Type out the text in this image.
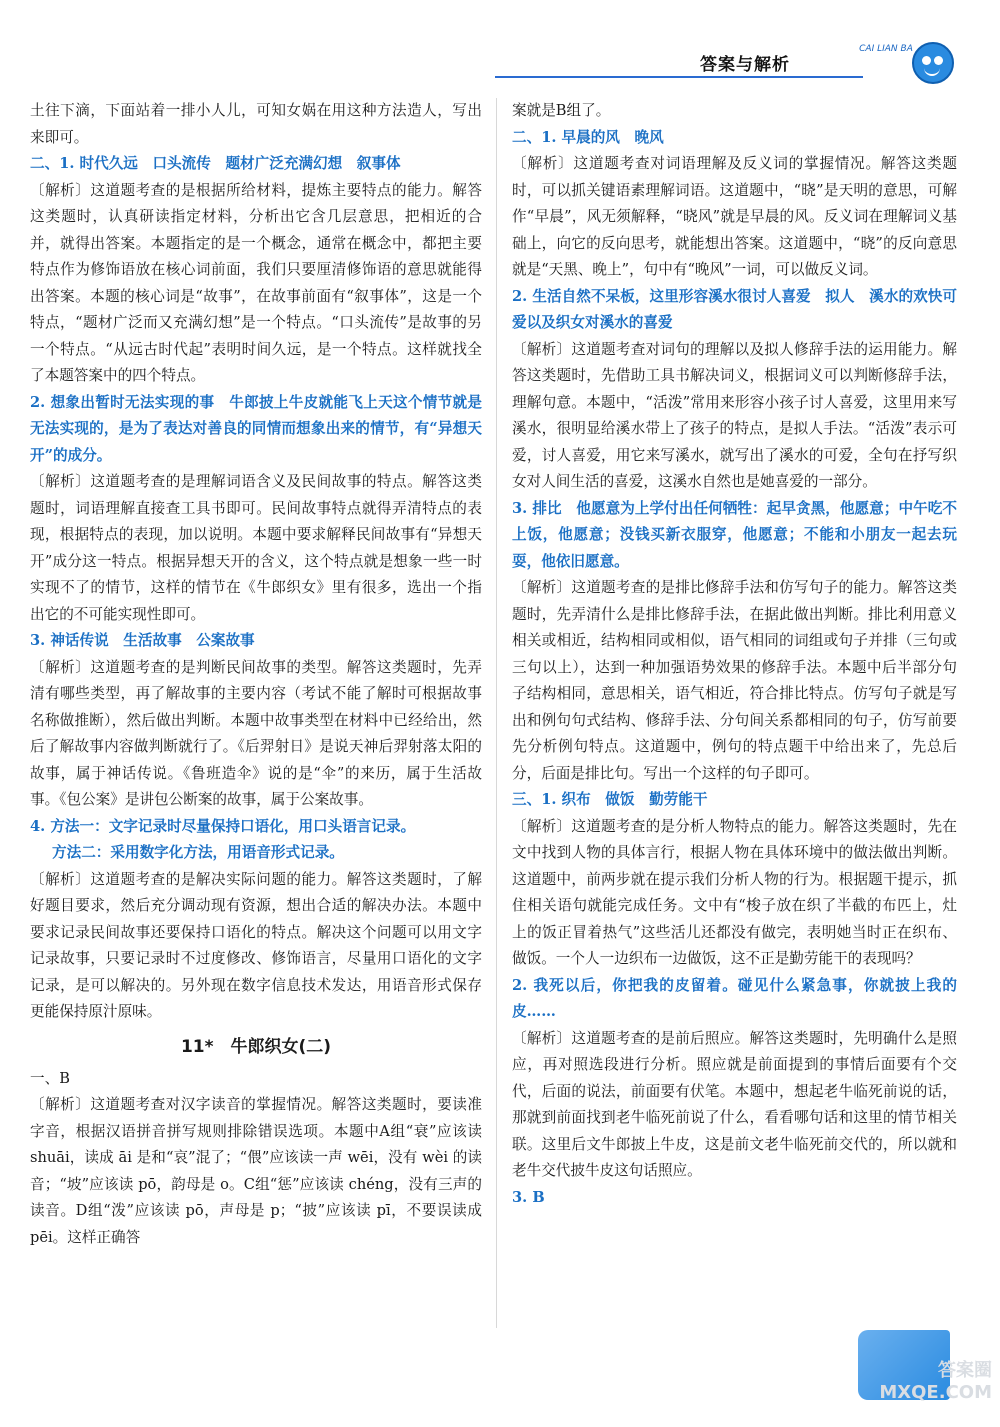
答案与解析
CAI LIAN BA

土往下滴，下面站着一排小人儿，可知女娲在用这种方法造人，写出来即可。

二、1. 时代久远　口头流传　题材广泛充满幻想　叙事体

〔解析〕这道题考查的是根据所给材料，提炼主要特点的能力。解答这类题时，认真研读指定材料，分析出它含几层意思，把相近的合并，就得出答案。本题指定的是一个概念，通常在概念中，都把主要特点作为修饰语放在核心词前面，我们只要厘清修饰语的意思就能得出答案。本题的核心词是“故事”，在故事前面有“叙事体”，这是一个特点，“题材广泛而又充满幻想”是一个特点。“口头流传”是故事的另一个特点。“从远古时代起”表明时间久远，是一个特点。这样就找全了本题答案中的四个特点。

2. 想象出暂时无法实现的事　牛郎披上牛皮就能飞上天这个情节就是无法实现的，是为了表达对善良的同情而想象出来的情节，有“异想天开”的成分。

〔解析〕这道题考查的是理解词语含义及民间故事的特点。解答这类题时，词语理解直接查工具书即可。民间故事特点就得弄清特点的表现，根据特点的表现，加以说明。本题中要求解释民间故事有“异想天开”成分这一特点。根据异想天开的含义，这个特点就是想象一些一时实现不了的情节，这样的情节在《牛郎织女》里有很多，选出一个指出它的不可能实现性即可。

3. 神话传说　生活故事　公案故事

〔解析〕这道题考查的是判断民间故事的类型。解答这类题时，先弄清有哪些类型，再了解故事的主要内容（考试不能了解时可根据故事名称做推断），然后做出判断。本题中故事类型在材料中已经给出，然后了解故事内容做判断就行了。《后羿射日》是说天神后羿射落太阳的故事，属于神话传说。《鲁班造伞》说的是“伞”的来历，属于生活故事。《包公案》是讲包公断案的故事，属于公案故事。

4. 方法一：文字记录时尽量保持口语化，用口头语言记录。

方法二：采用数字化方法，用语音形式记录。

〔解析〕这道题考查的是解决实际问题的能力。解答这类题时，了解好题目要求，然后充分调动现有资源，想出合适的解决办法。本题中要求记录民间故事还要保持口语化的特点。解决这个问题可以用文字记录故事，只要记录时不过度修改、修饰语言，尽量用口语化的文字记录，是可以解决的。另外现在数字信息技术发达，用语音形式保存更能保持原汁原味。

11*　牛郎织女(二)

一、B

〔解析〕这道题考查对汉字读音的掌握情况。解答这类题时，要读准字音，根据汉语拼音拼写规则排除错误选项。本题中A组“衰”应该读 shuāi，读成 āi 是和“哀”混了；“偎”应该读一声 wēi，没有 wèi 的读音；“坡”应该读 pō，韵母是 o。C组“惩”应该读 chéng，没有三声的读音。D组“泼”应该读 pō，声母是 p；“披”应该读 pī，不要误读成 pēi。这样正确答

案就是B组了。

二、1. 早晨的风　晚风

〔解析〕这道题考查对词语理解及反义词的掌握情况。解答这类题时，可以抓关键语素理解词语。这道题中，“晓”是天明的意思，可解作“早晨”，风无须解释，“晓风”就是早晨的风。反义词在理解词义基础上，向它的反向思考，就能想出答案。这道题中，“晓”的反向意思就是“天黑、晚上”，句中有“晚风”一词，可以做反义词。

2. 生活自然不呆板，这里形容溪水很讨人喜爱　拟人　溪水的欢快可爱以及织女对溪水的喜爱

〔解析〕这道题考查对词句的理解以及拟人修辞手法的运用能力。解答这类题时，先借助工具书解决词义，根据词义可以判断修辞手法，理解句意。本题中，“活泼”常用来形容小孩子讨人喜爱，这里用来写溪水，很明显给溪水带上了孩子的特点，是拟人手法。“活泼”表示可爱，讨人喜爱，用它来写溪水，就写出了溪水的可爱，全句在抒写织女对人间生活的喜爱，这溪水自然也是她喜爱的一部分。

3. 排比　他愿意为上学付出任何牺牲：起早贪黑，他愿意；中午吃不上饭，他愿意；没钱买新衣服穿，他愿意；不能和小朋友一起去玩耍，他依旧愿意。

〔解析〕这道题考查的是排比修辞手法和仿写句子的能力。解答这类题时，先弄清什么是排比修辞手法，在据此做出判断。排比利用意义相关或相近，结构相同或相似，语气相同的词组或句子并排（三句或三句以上），达到一种加强语势效果的修辞手法。本题中后半部分句子结构相同，意思相关，语气相近，符合排比特点。仿写句子就是写出和例句句式结构、修辞手法、分句间关系都相同的句子，仿写前要先分析例句特点。这道题中，例句的特点题干中给出来了，先总后分，后面是排比句。写出一个这样的句子即可。

三、1. 织布　做饭　勤劳能干

〔解析〕这道题考查的是分析人物特点的能力。解答这类题时，先在文中找到人物的具体言行，根据人物在具体环境中的做法做出判断。这道题中，前两步就在提示我们分析人物的行为。根据题干提示，抓住相关语句就能完成任务。文中有“梭子放在织了半截的布匹上，灶上的饭正冒着热气”这些活儿还都没有做完，表明她当时正在织布、做饭。一个人一边织布一边做饭，这不正是勤劳能干的表现吗？

2. 我死以后，你把我的皮留着。碰见什么紧急事，你就披上我的皮……

〔解析〕这道题考查的是前后照应。解答这类题时，先明确什么是照应，再对照选段进行分析。照应就是前面提到的事情后面要有个交代，后面的说法，前面要有伏笔。本题中，想起老牛临死前说的话，那就到前面找到老牛临死前说了什么，看看哪句话和这里的情节相关联。这里后文牛郎披上牛皮，这是前文老牛临死前交代的，所以就和老牛交代披牛皮这句话照应。

3. B

答案圈 MXQE.COM
